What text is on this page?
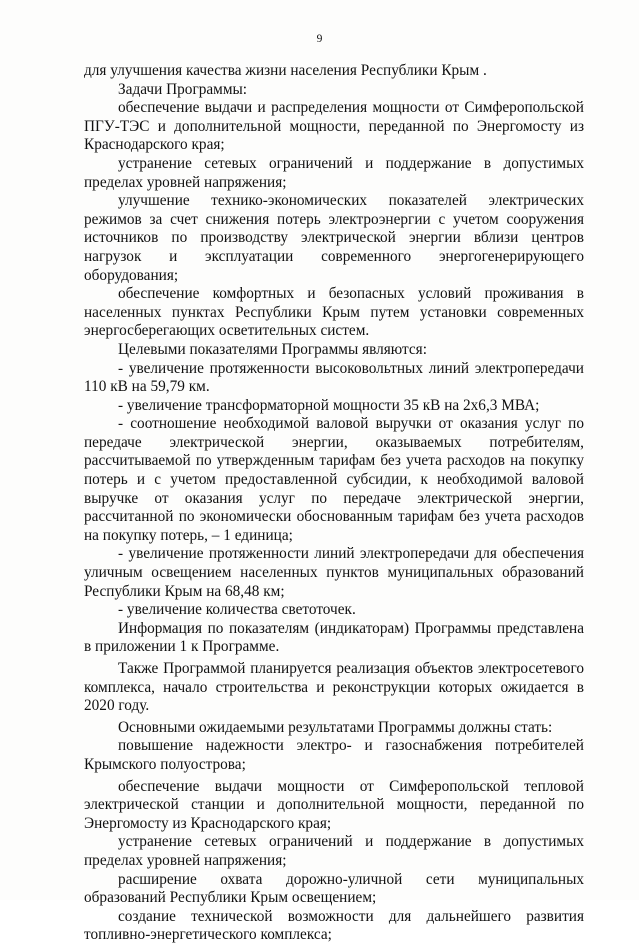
9

для улучшения качества жизни населения Республики Крым .

Задачи Программы:

обеспечение выдачи и распределения мощности от Симферопольской ПГУ-ТЭС и дополнительной мощности, переданной по Энергомосту из Краснодарского края;

устранение сетевых ограничений и поддержание в допустимых пределах уровней напряжения;

улучшение технико-экономических показателей электрических режимов за счет снижения потерь электроэнергии с учетом сооружения источников по производству электрической энергии вблизи центров нагрузок и эксплуатации современного энергогенерирующего оборудования;

обеспечение комфортных и безопасных условий проживания в населенных пунктах Республики Крым путем установки современных энергосберегающих осветительных систем.

Целевыми показателями Программы являются:

- увеличение протяженности высоковольтных линий электропередачи 110 кВ на 59,79 км.

- увеличение трансформаторной мощности 35 кВ на 2х6,3 МВА;

- соотношение необходимой валовой выручки от оказания услуг по передаче электрической энергии, оказываемых потребителям, рассчитываемой по утвержденным тарифам без учета расходов на покупку потерь и с учетом предоставленной субсидии, к необходимой валовой выручке от оказания услуг по передаче электрической энергии, рассчитанной по экономически обоснованным тарифам без учета расходов на покупку потерь, – 1 единица;

- увеличение протяженности линий электропередачи для обеспечения уличным освещением населенных пунктов муниципальных образований Республики Крым на 68,48 км;

- увеличение количества светоточек.

Информация по показателям (индикаторам) Программы представлена в приложении 1 к Программе.

Также Программой планируется реализация объектов электросетевого комплекса, начало строительства и реконструкции которых ожидается в 2020 году.

Основными ожидаемыми результатами Программы должны стать:

повышение надежности электро- и газоснабжения потребителей Крымского полуострова;

обеспечение выдачи мощности от Симферопольской тепловой электрической станции и дополнительной мощности, переданной по Энергомосту из Краснодарского края;

устранение сетевых ограничений и поддержание в допустимых пределах уровней напряжения;

расширение охвата дорожно-уличной сети муниципальных образований Республики Крым освещением;

создание технической возможности для дальнейшего развития топливно-энергетического комплекса;
